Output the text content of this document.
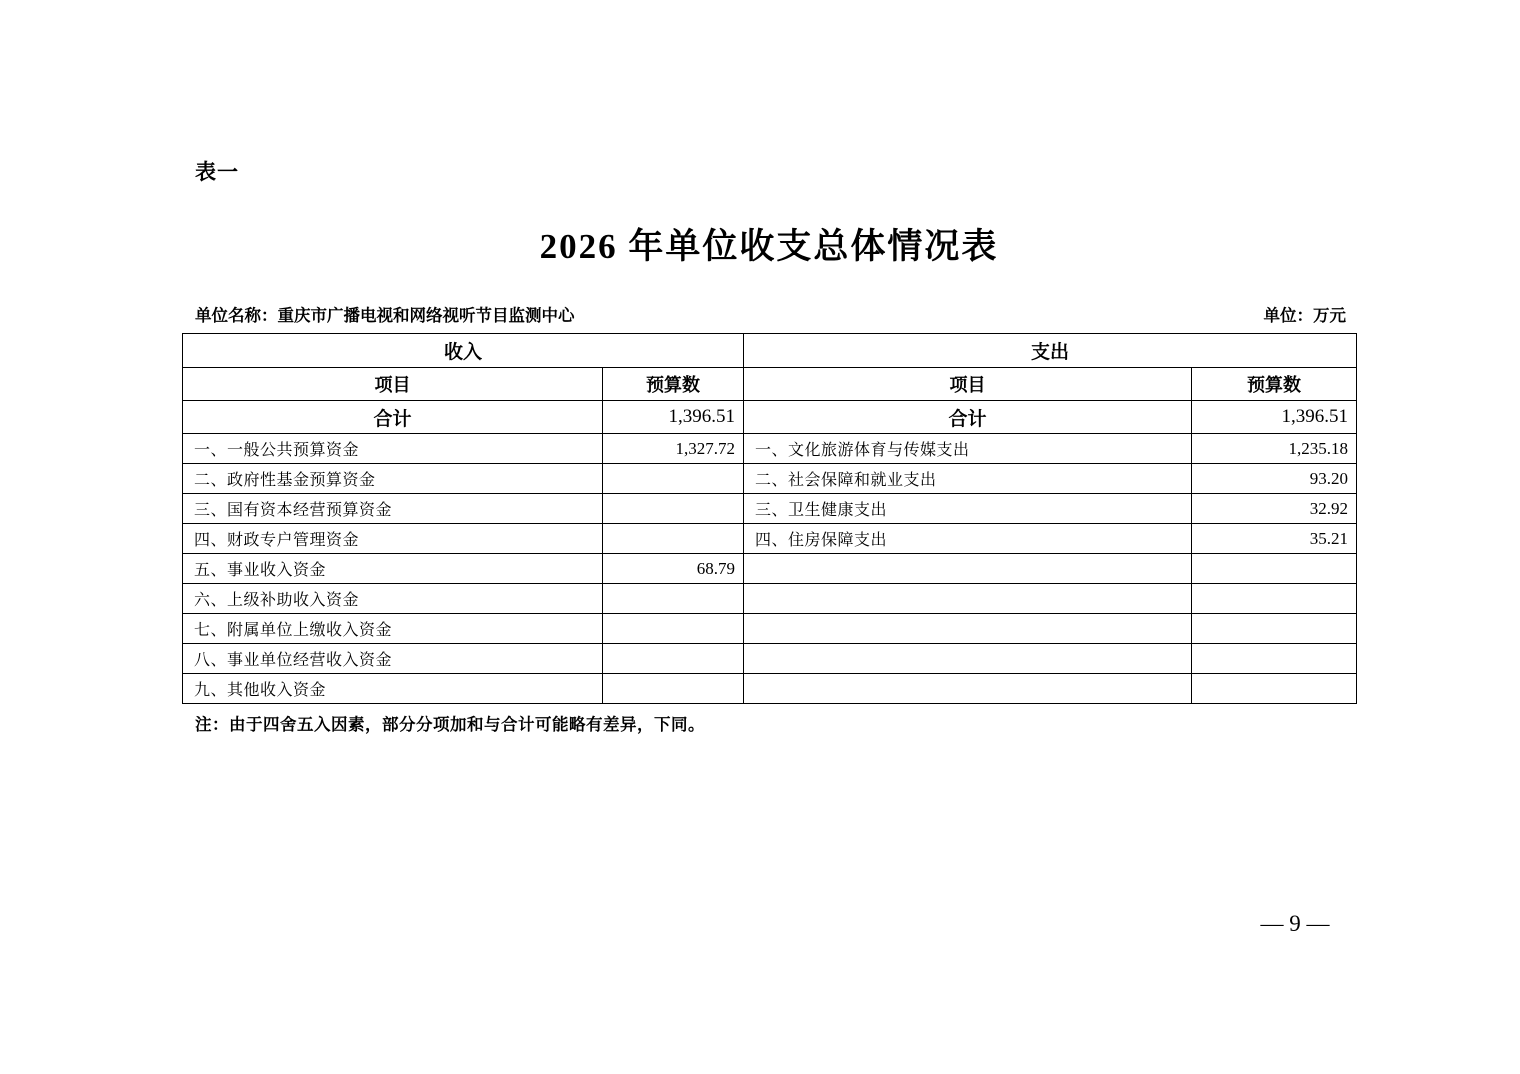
表一
2026 年单位收支总体情况表
单位名称：重庆市广播电视和网络视听节目监测中心	单位：万元
收入		支出	
项目	预算数	项目	预算数
合计	1,396.51	合计	1,396.51
一、一般公共预算资金	1,327.72	一、文化旅游体育与传媒支出	1,235.18
二、政府性基金预算资金		二、社会保障和就业支出	93.20
三、国有资本经营预算资金		三、卫生健康支出	32.92
四、财政专户管理资金		四、住房保障支出	35.21
五、事业收入资金	68.79		
六、上级补助收入资金			
七、附属单位上缴收入资金			
八、事业单位经营收入资金			
九、其他收入资金			
注：由于四舍五入因素，部分分项加和与合计可能略有差异，下同。
— 9 —
